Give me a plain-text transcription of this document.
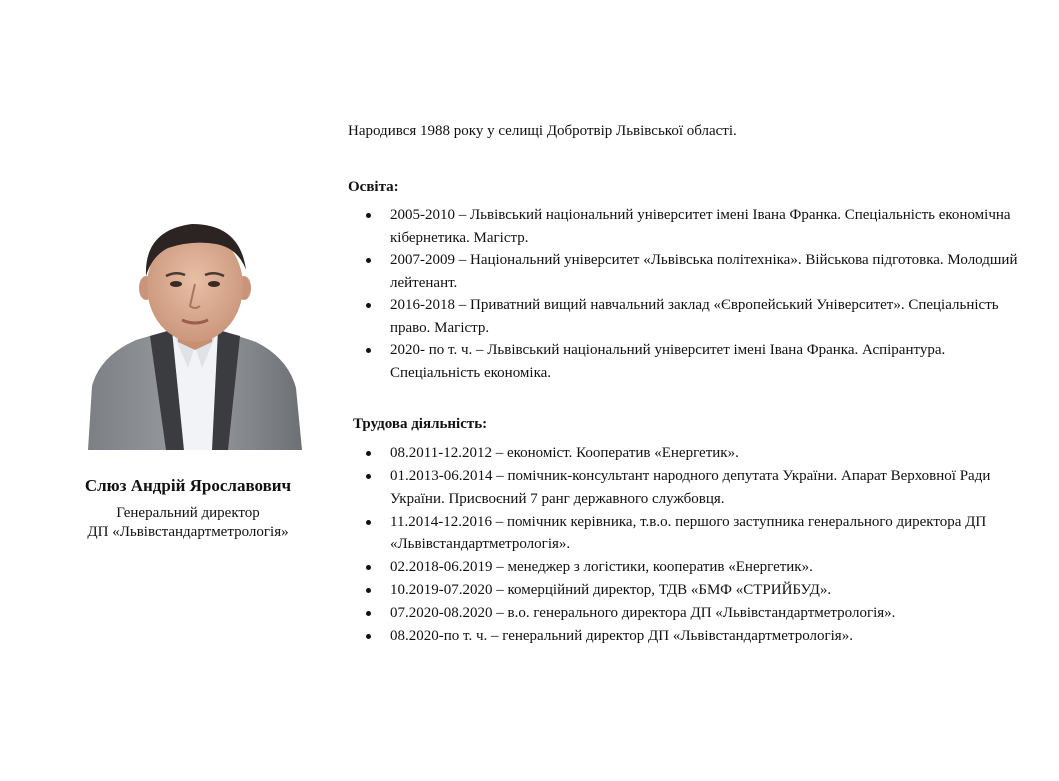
Слюз Андрій Ярославович
Генеральний директор
ДП «Львівстандартметрологія»
Народився 1988 року у селищі Добротвір Львівської області.
Освіта:
2005-2010 – Львівський національний університет імені Івана Франка. Спеціальність економічна кібернетика. Магістр.
2007-2009 – Національний університет «Львівська політехніка». Військова підготовка. Молодший лейтенант.
2016-2018 – Приватний вищий навчальний заклад «Європейський Університет». Спеціальність право. Магістр.
2020- по т. ч. – Львівський національний університет імені Івана Франка. Аспірантура. Спеціальність економіка.
Трудова діяльність:
08.2011-12.2012 – економіст. Кооператив «Енергетик».
01.2013-06.2014 – помічник-консультант народного депутата України. Апарат Верховної Ради України. Присвоєний 7 ранг державного службовця.
11.2014-12.2016 – помічник керівника, т.в.о. першого заступника генерального директора ДП «Львівстандартметрологія».
02.2018-06.2019 – менеджер з логістики, кооператив «Енергетик».
10.2019-07.2020 – комерційний директор, ТДВ «БМФ «СТРИЙБУД».
07.2020-08.2020 – в.о. генерального директора ДП «Львівстандартметрологія».
08.2020-по т. ч. – генеральний директор ДП «Львівстандартметрологія».
